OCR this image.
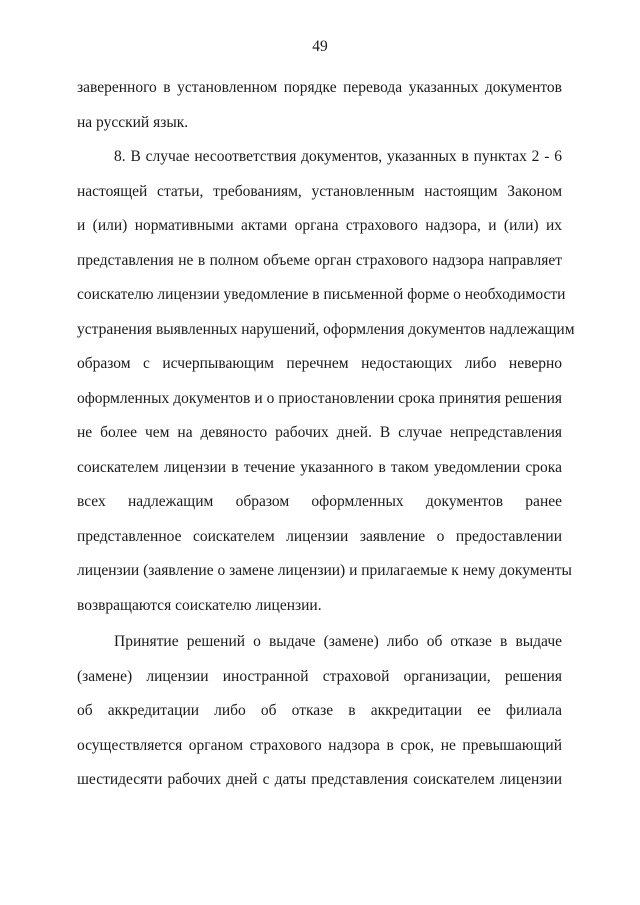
49
заверенного в установленном порядке перевода указанных документов
на русский язык.
8. В случае несоответствия документов, указанных в пунктах 2 - 6
настоящей статьи, требованиям, установленным настоящим Законом
и (или) нормативными актами органа страхового надзора, и (или) их
представления не в полном объеме орган страхового надзора направляет
соискателю лицензии уведомление в письменной форме о необходимости
устранения выявленных нарушений, оформления документов надлежащим
образом с исчерпывающим перечнем недостающих либо неверно
оформленных документов и о приостановлении срока принятия решения
не более чем на девяносто рабочих дней. В случае непредставления
соискателем лицензии в течение указанного в таком уведомлении срока
всех надлежащим образом оформленных документов ранее
представленное соискателем лицензии заявление о предоставлении
лицензии (заявление о замене лицензии) и прилагаемые к нему документы
возвращаются соискателю лицензии.
Принятие решений о выдаче (замене) либо об отказе в выдаче
(замене) лицензии иностранной страховой организации, решения
об аккредитации либо об отказе в аккредитации ее филиала
осуществляется органом страхового надзора в срок, не превышающий
шестидесяти рабочих дней с даты представления соискателем лицензии
